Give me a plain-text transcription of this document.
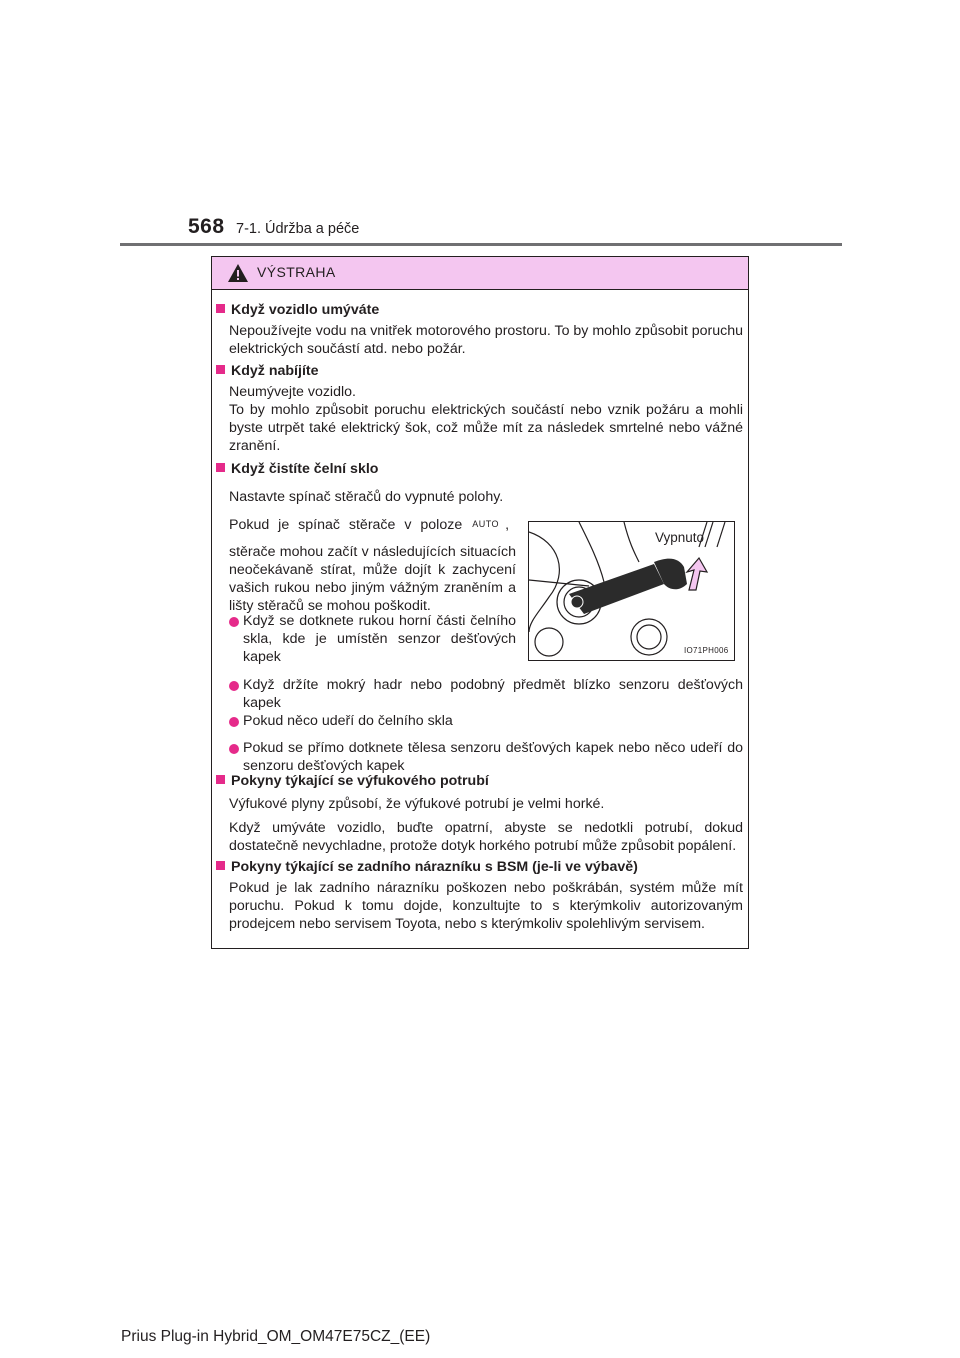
568 7-1. Údržba a péče
VÝSTRAHA
Když vozidlo umýváte
Nepoužívejte vodu na vnitřek motorového prostoru. To by mohlo způsobit poruchu elektrických součástí atd. nebo požár.
Když nabíjíte
Neumývejte vozidlo.
To by mohlo způsobit poruchu elektrických součástí nebo vznik požáru a mohli byste utrpět také elektrický šok, což může mít za následek smrtelné nebo vážné zranění.
Když čistíte čelní sklo
Nastavte spínač stěračů do vypnuté polohy.
Pokud je spínač stěrače v poloze AUTO ,
stěrače mohou začít v následujících situacích neočekávaně stírat, může dojít k zachycení vašich rukou nebo jiným vážným zraněním a lišty stěračů se mohou poškodit.
Když se dotknete rukou horní části čelního skla, kde je umístěn senzor dešťových kapek
Když držíte mokrý hadr nebo podobný předmět blízko senzoru dešťových kapek
Pokud něco udeří do čelního skla
Pokud se přímo dotknete tělesa senzoru dešťových kapek nebo něco udeří do senzoru dešťových kapek
Vypnuto
IO71PH006
Pokyny týkající se výfukového potrubí
Výfukové plyny způsobí, že výfukové potrubí je velmi horké.
Když umýváte vozidlo, buďte opatrní, abyste se nedotkli potrubí, dokud dostatečně nevychladne, protože dotyk horkého potrubí může způsobit popálení.
Pokyny týkající se zadního nárazníku s BSM (je-li ve výbavě)
Pokud je lak zadního nárazníku poškozen nebo poškrábán, systém může mít poruchu. Pokud k tomu dojde, konzultujte to s kterýmkoliv autorizovaným prodejcem nebo servisem Toyota, nebo s kterýmkoliv spolehlivým servisem.
Prius Plug-in Hybrid_OM_OM47E75CZ_(EE)
